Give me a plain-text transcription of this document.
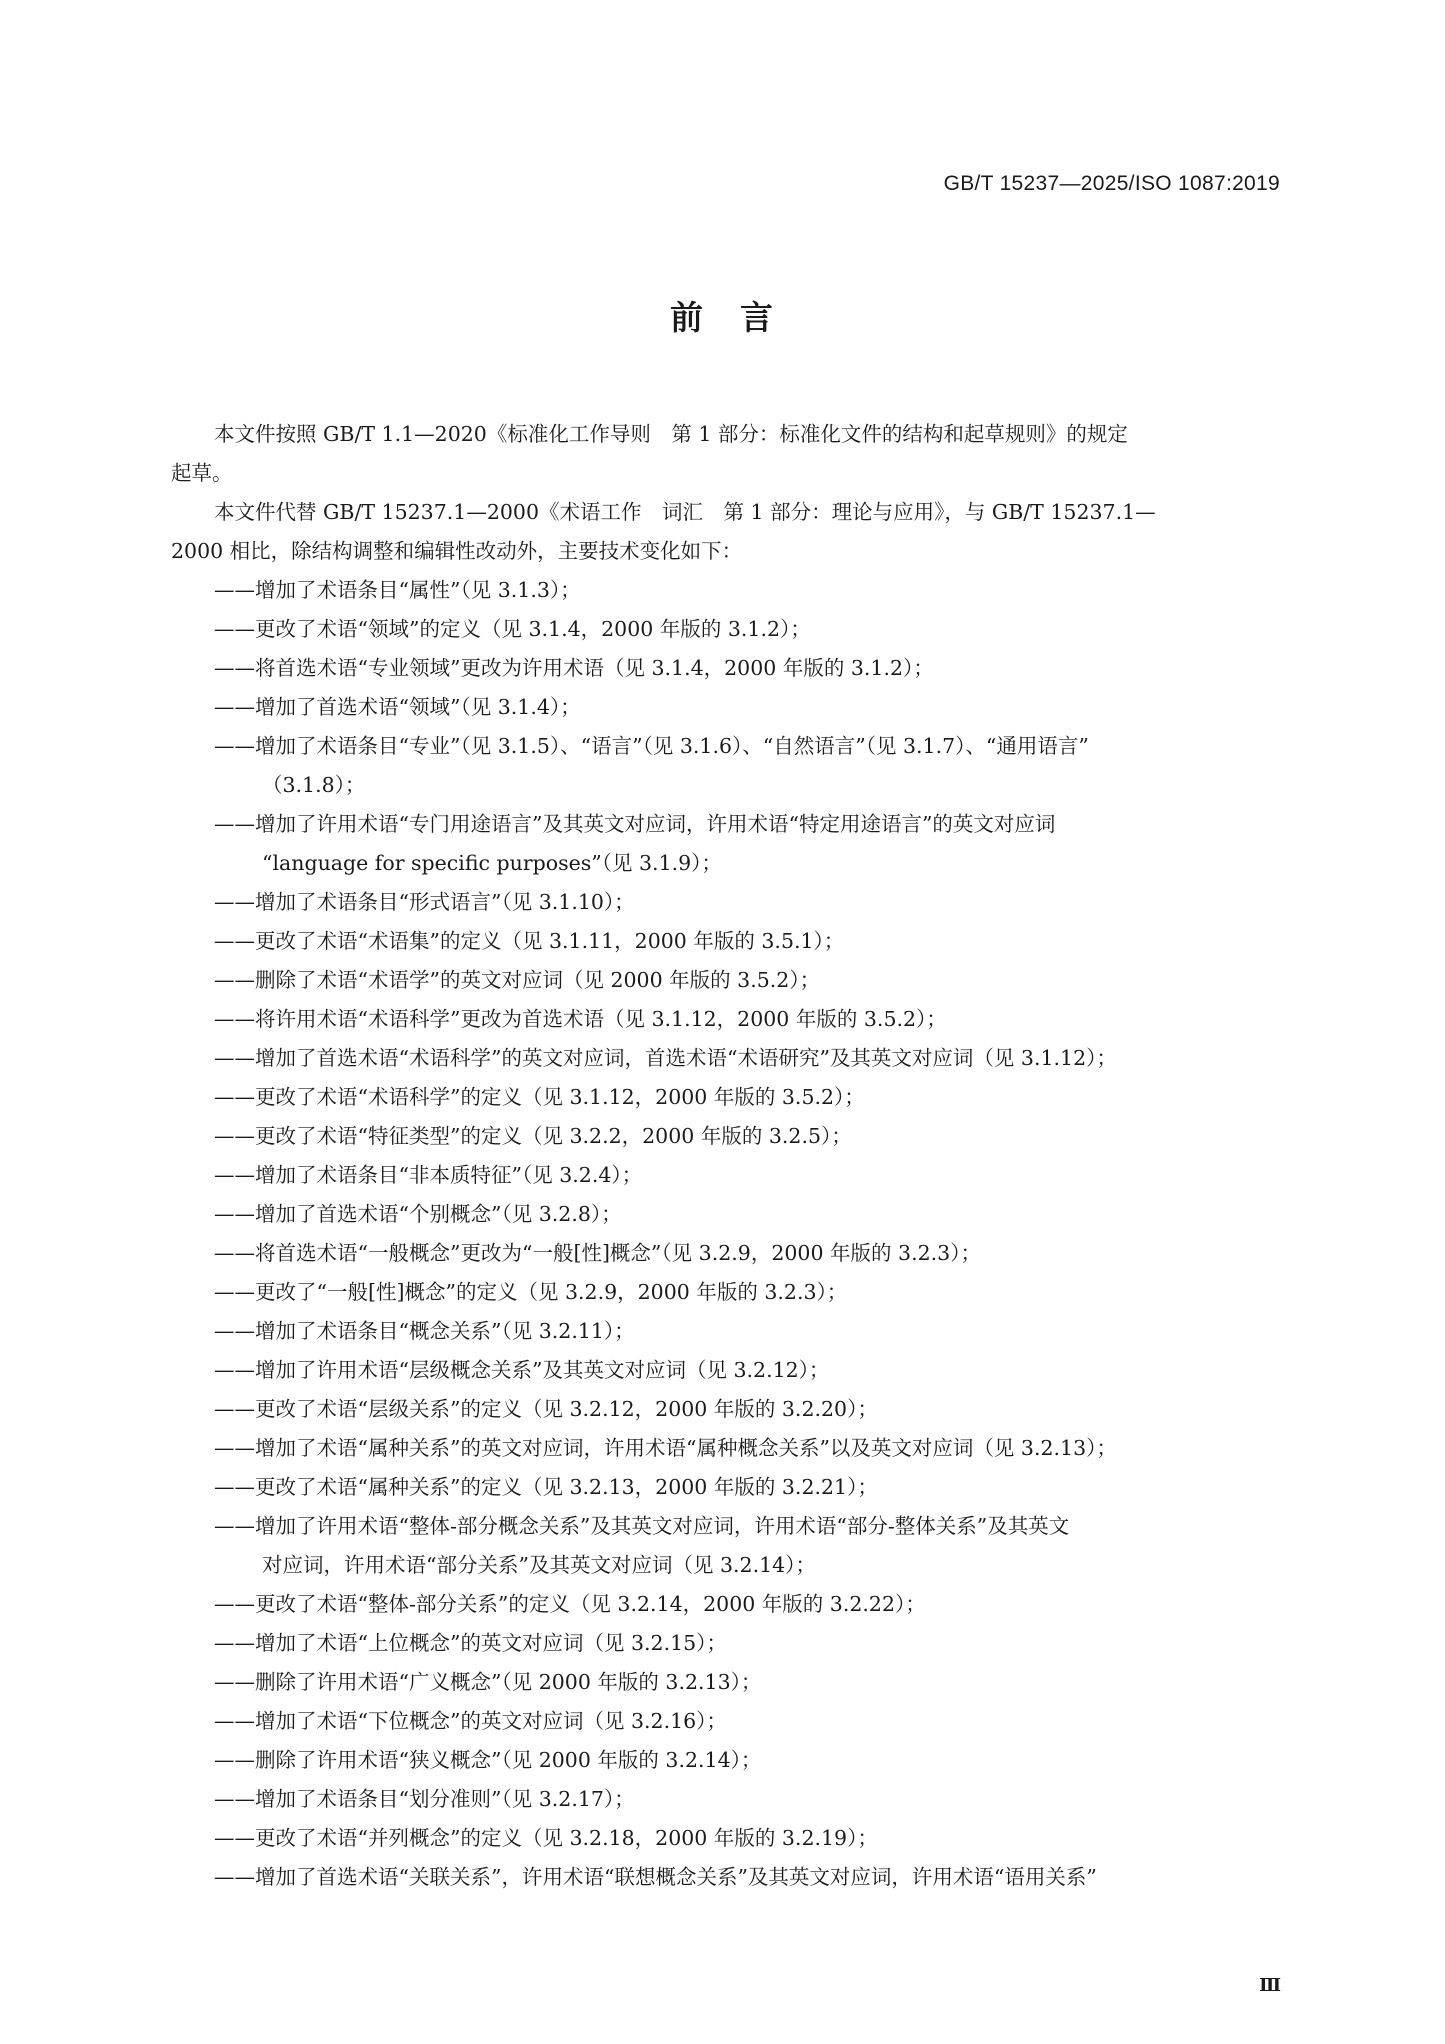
GB/T 15237—2025/ISO 1087:2019
前　言

本文件按照 GB/T 1.1—2020《标准化工作导则　第 1 部分：标准化文件的结构和起草规则》的规定
起草。

本文件代替 GB/T 15237.1—2000《术语工作　词汇　第 1 部分：理论与应用》，与 GB/T 15237.1—
2000 相比，除结构调整和编辑性改动外，主要技术变化如下：

——增加了术语条目“属性”（见 3.1.3）；

——更改了术语“领域”的定义（见 3.1.4，2000 年版的 3.1.2）；

——将首选术语“专业领域”更改为许用术语（见 3.1.4，2000 年版的 3.1.2）；

——增加了首选术语“领域”（见 3.1.4）；

——增加了术语条目“专业”（见 3.1.5）、“语言”（见 3.1.6）、“自然语言”（见 3.1.7）、“通用语言”
（3.1.8）；

——增加了许用术语“专门用途语言”及其英文对应词，许用术语“特定用途语言”的英文对应词
“language for specific purposes”（见 3.1.9）；

——增加了术语条目“形式语言”（见 3.1.10）；

——更改了术语“术语集”的定义（见 3.1.11，2000 年版的 3.5.1）；

——删除了术语“术语学”的英文对应词（见 2000 年版的 3.5.2）；

——将许用术语“术语科学”更改为首选术语（见 3.1.12，2000 年版的 3.5.2）；

——增加了首选术语“术语科学”的英文对应词，首选术语“术语研究”及其英文对应词（见 3.1.12）；

——更改了术语“术语科学”的定义（见 3.1.12，2000 年版的 3.5.2）；

——更改了术语“特征类型”的定义（见 3.2.2，2000 年版的 3.2.5）；

——增加了术语条目“非本质特征”（见 3.2.4）；

——增加了首选术语“个别概念”（见 3.2.8）；

——将首选术语“一般概念”更改为“一般[性]概念”（见 3.2.9，2000 年版的 3.2.3）；

——更改了“一般[性]概念”的定义（见 3.2.9，2000 年版的 3.2.3）；

——增加了术语条目“概念关系”（见 3.2.11）；

——增加了许用术语“层级概念关系”及其英文对应词（见 3.2.12）；

——更改了术语“层级关系”的定义（见 3.2.12，2000 年版的 3.2.20）；

——增加了术语“属种关系”的英文对应词，许用术语“属种概念关系”以及英文对应词（见 3.2.13）；

——更改了术语“属种关系”的定义（见 3.2.13，2000 年版的 3.2.21）；

——增加了许用术语“整体-部分概念关系”及其英文对应词，许用术语“部分-整体关系”及其英文
对应词，许用术语“部分关系”及其英文对应词（见 3.2.14）；

——更改了术语“整体-部分关系”的定义（见 3.2.14，2000 年版的 3.2.22）；

——增加了术语“上位概念”的英文对应词（见 3.2.15）；

——删除了许用术语“广义概念”（见 2000 年版的 3.2.13）；

——增加了术语“下位概念”的英文对应词（见 3.2.16）；

——删除了许用术语“狭义概念”（见 2000 年版的 3.2.14）；

——增加了术语条目“划分准则”（见 3.2.17）；

——更改了术语“并列概念”的定义（见 3.2.18，2000 年版的 3.2.19）；

——增加了首选术语“关联关系”，许用术语“联想概念关系”及其英文对应词，许用术语“语用关系”

Ⅲ
